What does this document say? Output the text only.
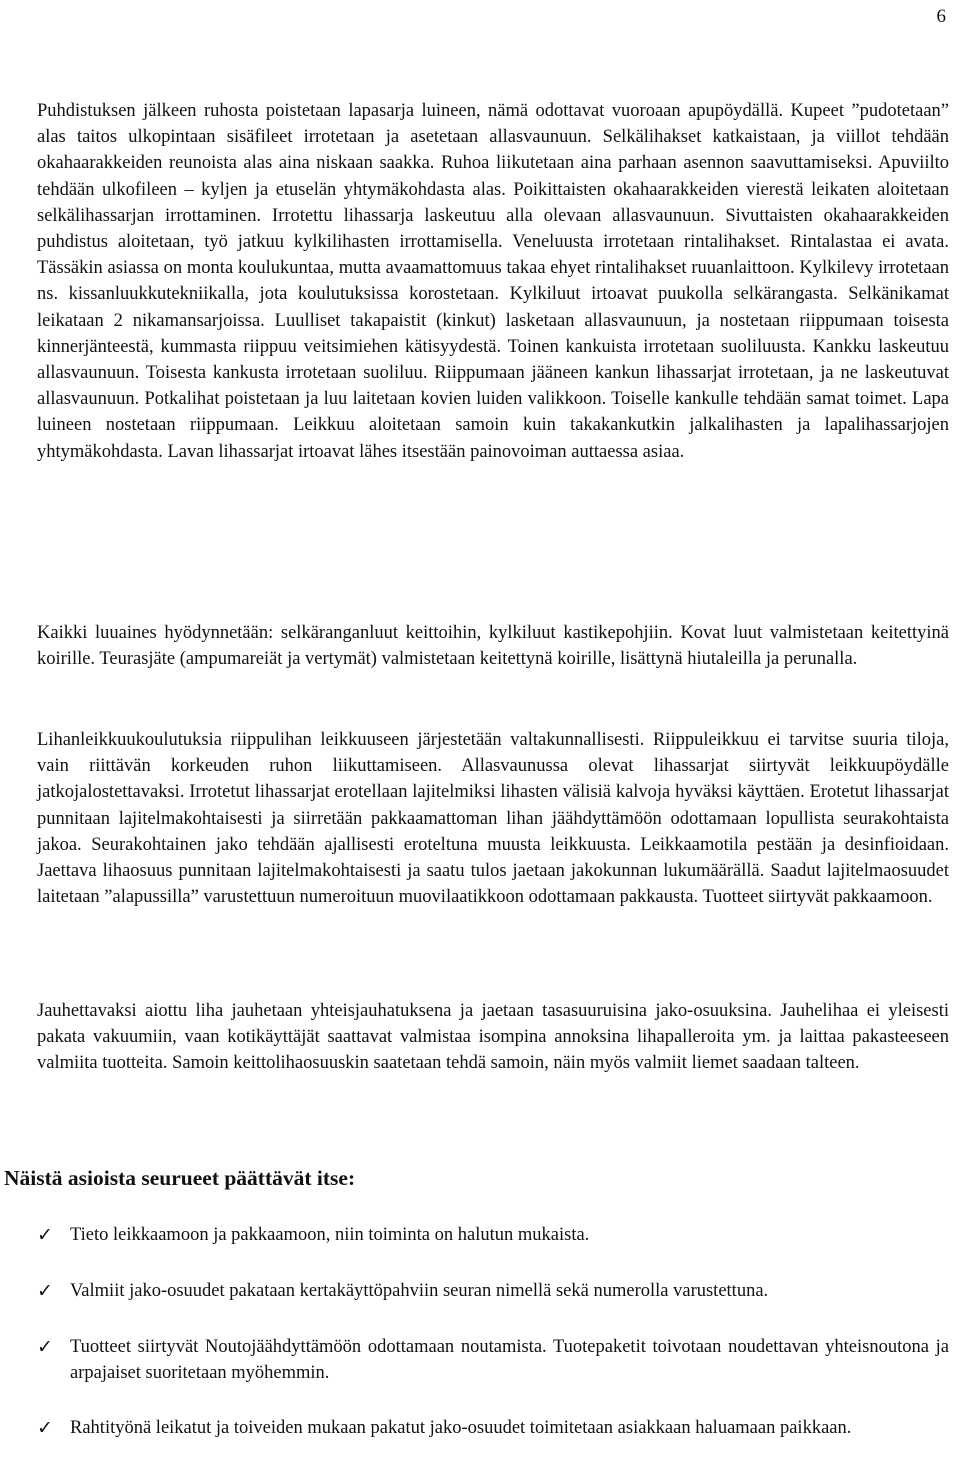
6

Puhdistuksen jälkeen ruhosta poistetaan lapasarja luineen, nämä odottavat vuoroaan apupöydällä. Kupeet ”pudotetaan” alas taitos ulkopintaan sisäfileet irrotetaan ja asetetaan allasvaunuun. Selkälihakset katkaistaan, ja viillot tehdään okahaarakkeiden reunoista alas aina niskaan saakka. Ruhoa liikutetaan aina parhaan asennon saavuttamiseksi. Apuviilto tehdään ulkofileen – kyljen ja etuselän yhtymäkohdasta alas. Poikittaisten okahaarakkeiden vierestä leikaten aloitetaan selkälihassarjan irrottaminen. Irrotettu lihassarja laskeutuu alla olevaan allasvaunuun. Sivuttaisten okahaarakkeiden puhdistus aloitetaan, työ jatkuu kylkilihasten irrottamisella. Veneluusta irrotetaan rintalihakset. Rintalastaa ei avata. Tässäkin asiassa on monta koulukuntaa, mutta avaamattomuus takaa ehyet rintalihakset ruuanlaittoon. Kylkilevy irrotetaan ns. kissanluukkutekniikalla, jota koulutuksissa korostetaan. Kylkiluut irtoavat puukolla selkärangasta. Selkänikamat leikataan 2 nikamansarjoissa. Luulliset takapaistit (kinkut) lasketaan allasvaunuun, ja nostetaan riippumaan toisesta kinnerjänteestä, kummasta riippuu veitsimiehen kätisyydestä. Toinen kankuista irrotetaan suoliluusta. Kankku laskeutuu allasvaunuun. Toisesta kankusta irrotetaan suoliluu. Riippumaan jääneen kankun lihassarjat irrotetaan, ja ne laskeutuvat allasvaunuun. Potkalihat poistetaan ja luu laitetaan kovien luiden valikkoon. Toiselle kankulle tehdään samat toimet. Lapa luineen nostetaan riippumaan. Leikkuu aloitetaan samoin kuin takakankutkin jalkalihasten ja lapalihassarjojen yhtymäkohdasta. Lavan lihassarjat irtoavat lähes itsestään painovoiman auttaessa asiaa.

Kaikki luuaines hyödynnetään: selkäranganluut keittoihin, kylkiluut kastikepohjiin. Kovat luut valmistetaan keitettyinä koirille. Teurasjäte (ampumareiät ja vertymät) valmistetaan keitettynä koirille, lisättynä hiutaleilla ja perunalla.

Lihanleikkuukoulutuksia riippulihan leikkuuseen järjestetään valtakunnallisesti. Riippuleikkuu ei tarvitse suuria tiloja, vain riittävän korkeuden ruhon liikuttamiseen. Allasvaunussa olevat lihassarjat siirtyvät leikkuupöydälle jatkojalostettavaksi. Irrotetut lihassarjat erotellaan lajitelmiksi lihasten välisiä kalvoja hyväksi käyttäen. Erotetut lihassarjat punnitaan lajitelmakohtaisesti ja siirretään pakkaamattoman lihan jäähdyttämöön odottamaan lopullista seurakohtaista jakoa. Seurakohtainen jako tehdään ajallisesti eroteltuna muusta leikkuusta. Leikkaamotila pestään ja desinfioidaan. Jaettava lihaosuus punnitaan lajitelmakohtaisesti ja saatu tulos jaetaan jakokunnan lukumäärällä. Saadut lajitelmaosuudet laitetaan ”alapussilla” varustettuun numeroituun muovilaatikkoon odottamaan pakkausta. Tuotteet siirtyvät pakkaamoon.

Jauhettavaksi aiottu liha jauhetaan yhteisjauhatuksena ja jaetaan tasasuuruisina jako-osuuksina. Jauhelihaa ei yleisesti pakata vakuumiin, vaan kotikäyttäjät saattavat valmistaa isompina annoksina lihapalleroita ym. ja laittaa pakasteeseen valmiita tuotteita. Samoin keittolihaosuuskin saatetaan tehdä samoin, näin myös valmiit liemet saadaan talteen.

Näistä asioista seurueet päättävät itse:
✓ Tieto leikkaamoon ja pakkaamoon, niin toiminta on halutun mukaista.
✓ Valmiit jako-osuudet pakataan kertakäyttöpahviin seuran nimellä sekä numerolla varustettuna.
✓ Tuotteet siirtyvät Noutojäähdyttämöön odottamaan noutamista. Tuotepaketit toivotaan noudettavan yhteisnoutona ja arpajaiset suoritetaan myöhemmin.
✓ Rahtityönä leikatut ja toiveiden mukaan pakatut jako-osuudet toimitetaan asiakkaan haluamaan paikkaan.
